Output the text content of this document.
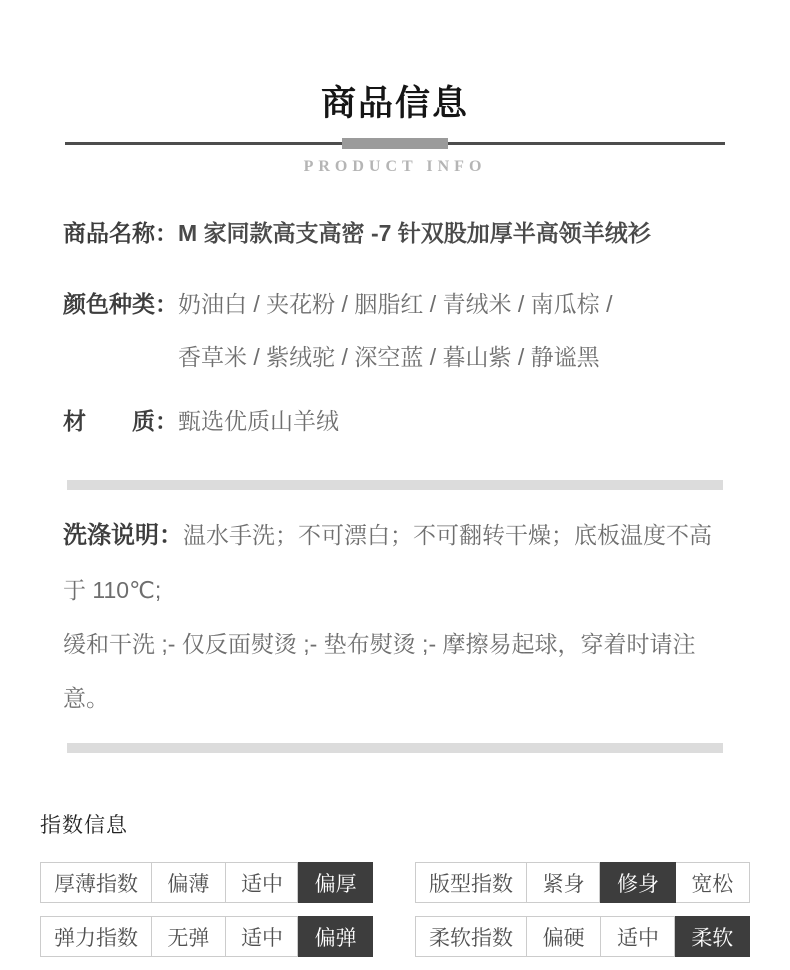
商品信息
PRODUCT INFO
商品名称： M 家同款高支高密 -7 针双股加厚半高领羊绒衫
颜色种类： 奶油白 / 夹花粉 / 胭脂红 / 青绒米 / 南瓜棕 /
香草米 / 紫绒驼 / 深空蓝 / 暮山紫 / 静谧黑
材　　质： 甄选优质山羊绒
洗涤说明：温水手洗；不可漂白；不可翻转干燥；底板温度不高于 110℃;
缓和干洗 ;- 仅反面熨烫 ;- 垫布熨烫 ;- 摩擦易起球，穿着时请注意。
指数信息
厚薄指数	偏薄	适中	偏厚
弹力指数	无弹	适中	偏弹
版型指数	紧身	修身	宽松
柔软指数	偏硬	适中	柔软
